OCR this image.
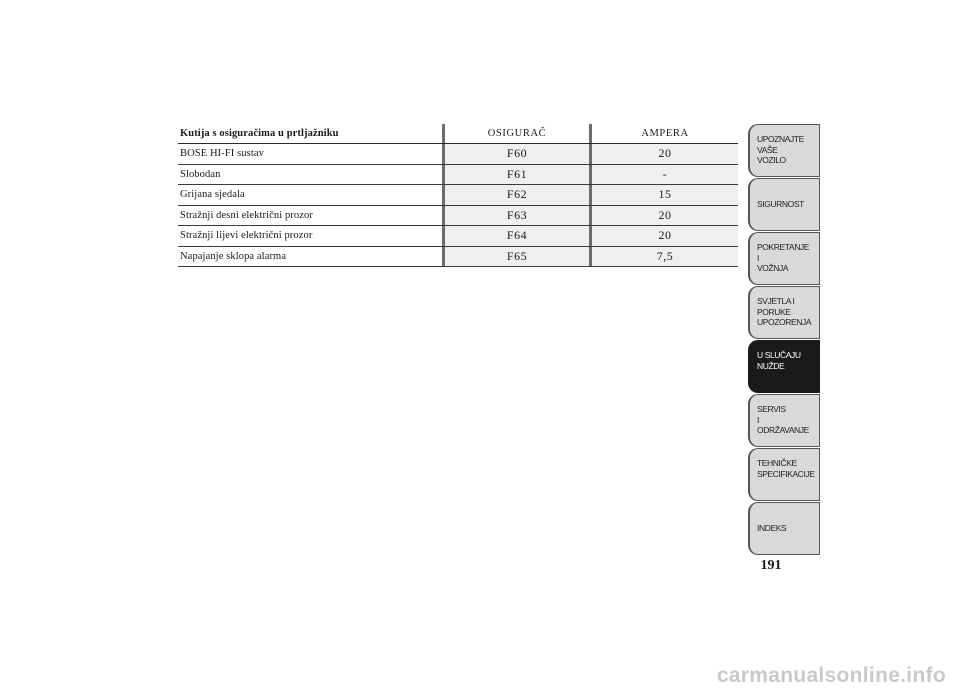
Kutija s osiguračima u prtljažniku	OSIGURAČ	AMPERA
BOSE HI-FI sustav	F60	20
Slobodan	F61	-
Grijana sjedala	F62	15
Stražnji desni električni prozor	F63	20
Stražnji lijevi električni prozor	F64	20
Napajanje sklopa alarma	F65	7,5
UPOZNAJTE
VAŠE
VOZILO
SIGURNOST
POKRETANJE
I
VOŽNJA
SVJETLA I
PORUKE
UPOZORENJA
U SLUČAJU
NUŽDE
SERVIS
I
ODRŽAVANJE
TEHNIČKE
SPECIFIKACIJE
INDEKS
191
carmanualsonline.info
